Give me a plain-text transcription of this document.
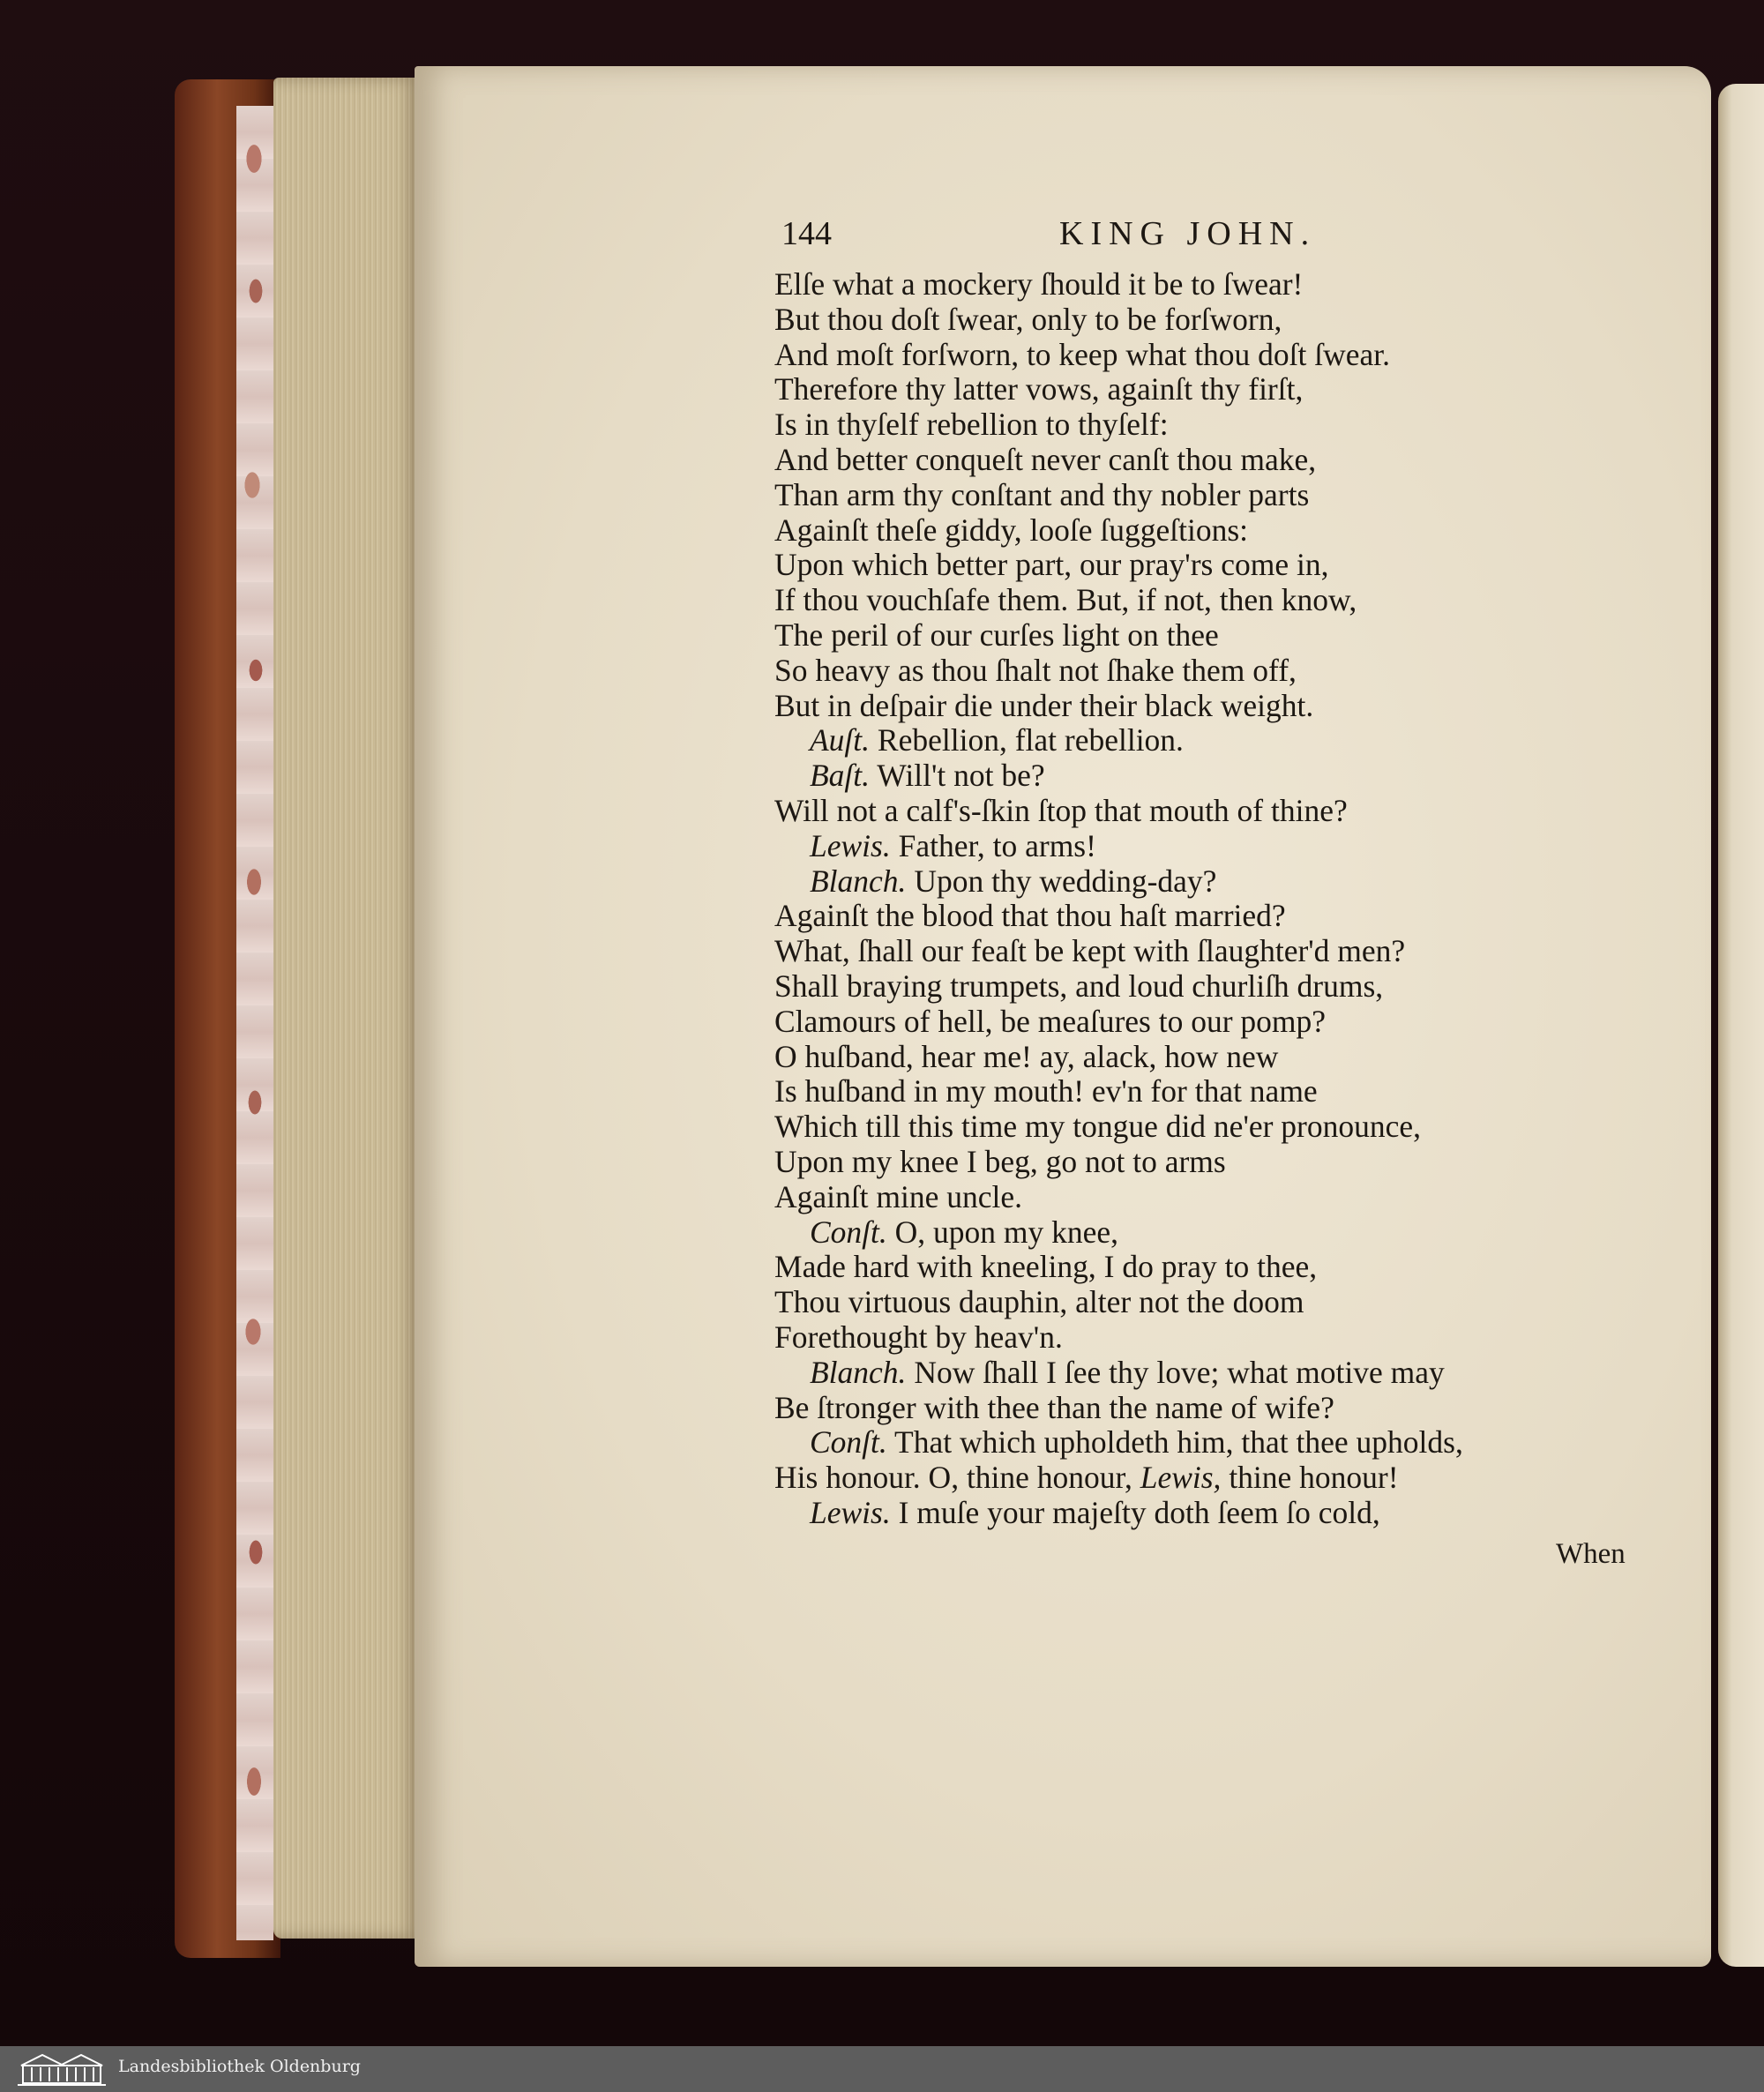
144	KING JOHN.
Elſe what a mockery ſhould it be to ſwear!
But thou doſt ſwear, only to be forſworn,
And moſt forſworn, to keep what thou doſt ſwear.
Therefore thy latter vows, againſt thy firſt,
Is in thyſelf rebellion to thyſelf:
And better conqueſt never canſt thou make,
Than arm thy conſtant and thy nobler parts
Againſt theſe giddy, looſe ſuggeſtions:
Upon which better part, our pray'rs come in,
If thou vouchſafe them. But, if not, then know,
The peril of our curſes light on thee
So heavy as thou ſhalt not ſhake them off,
But in deſpair die under their black weight.
Auſt. Rebellion, flat rebellion.
Baſt. Will't not be?
Will not a calf's-ſkin ſtop that mouth of thine?
Lewis. Father, to arms!
Blanch. Upon thy wedding-day?
Againſt the blood that thou haſt married?
What, ſhall our feaſt be kept with ſlaughter'd men?
Shall braying trumpets, and loud churliſh drums,
Clamours of hell, be meaſures to our pomp?
O huſband, hear me! ay, alack, how new
Is huſband in my mouth! ev'n for that name
Which till this time my tongue did ne'er pronounce,
Upon my knee I beg, go not to arms
Againſt mine uncle.
Conſt. O, upon my knee,
Made hard with kneeling, I do pray to thee,
Thou virtuous dauphin, alter not the doom
Forethought by heav'n.
Blanch. Now ſhall I ſee thy love; what motive may
Be ſtronger with thee than the name of wife?
Conſt. That which upholdeth him, that thee upholds,
His honour. O, thine honour, Lewis, thine honour!
Lewis. I muſe your majeſty doth ſeem ſo cold,
When
Landesbibliothek Oldenburg
